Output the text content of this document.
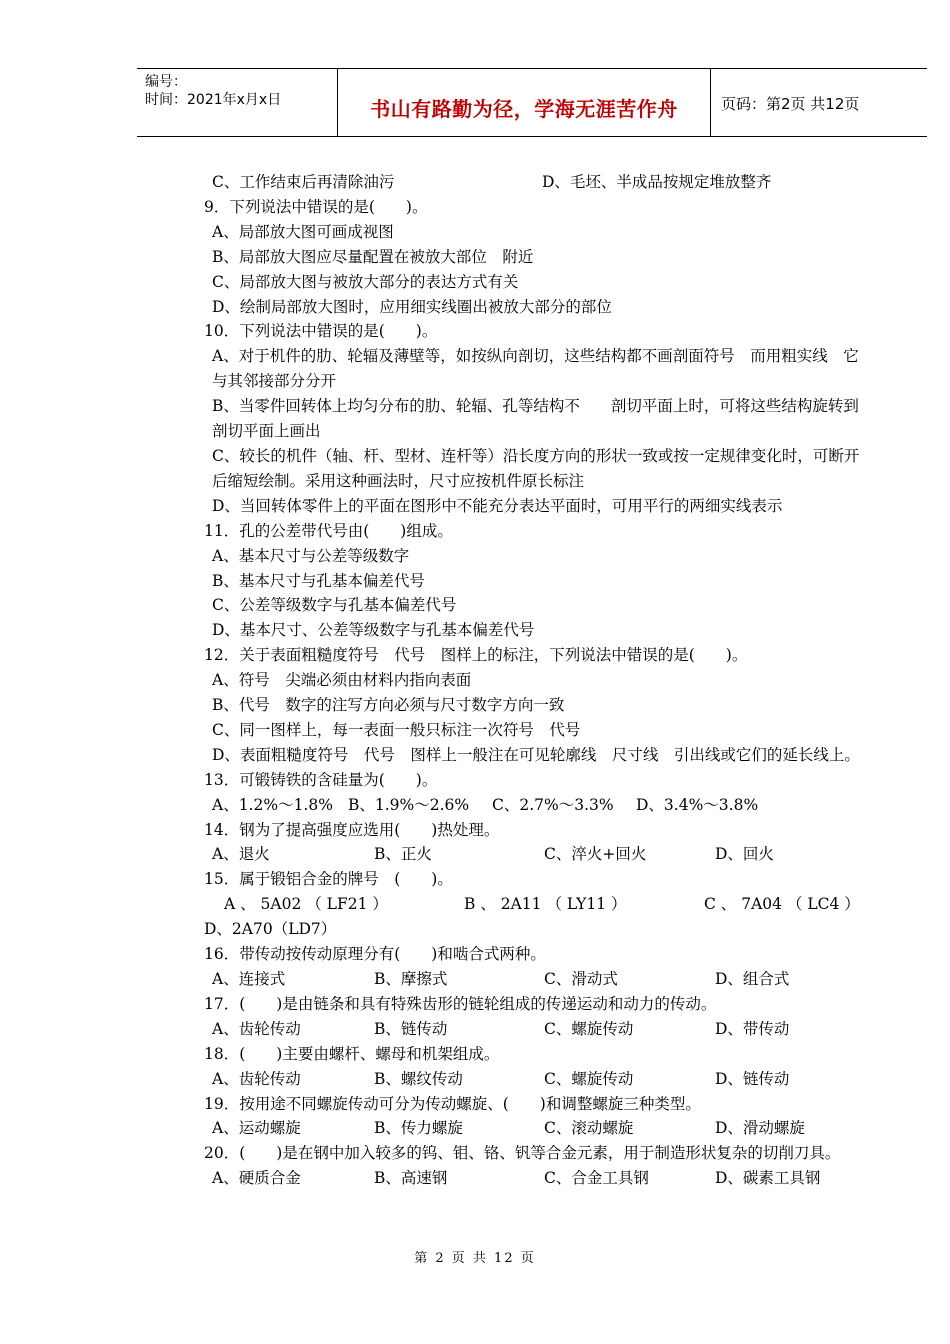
编号：
时间：2021年x月x日	书山有路勤为径，学海无涯苦作舟	页码：第2页 共12页
C、工作结束后再清除油污	D、毛坯、半成品按规定堆放整齐
9．下列说法中错误的是(　　)。
A、局部放大图可画成视图
B、局部放大图应尽量配置在被放大部位　附近
C、局部放大图与被放大部分的表达方式有关
D、绘制局部放大图时，应用细实线圈出被放大部分的部位
10．下列说法中错误的是(　　)。
A、对于机件的肋、轮辐及薄壁等，如按纵向剖切，这些结构都不画剖面符号　而用粗实线　它与其邻接部分分开
B、当零件回转体上均匀分布的肋、轮辐、孔等结构不　　剖切平面上时，可将这些结构旋转到剖切平面上画出
C、较长的机件（轴、杆、型材、连杆等）沿长度方向的形状一致或按一定规律变化时，可断开后缩短绘制。采用这种画法时，尺寸应按机件原长标注
D、当回转体零件上的平面在图形中不能充分表达平面时，可用平行的两细实线表示
11．孔的公差带代号由(　　)组成。
A、基本尺寸与公差等级数字
B、基本尺寸与孔基本偏差代号
C、公差等级数字与孔基本偏差代号
D、基本尺寸、公差等级数字与孔基本偏差代号
12．关于表面粗糙度符号　代号　图样上的标注，下列说法中错误的是(　　)。
A、符号　尖端必须由材料内指向表面
B、代号　数字的注写方向必须与尺寸数字方向一致
C、同一图样上，每一表面一般只标注一次符号　代号
D、表面粗糙度符号　代号　图样上一般注在可见轮廓线　尺寸线　引出线或它们的延长线上。
13．可锻铸铁的含硅量为(　　)。
A、1.2%～1.8% B、1.9%～2.6%	C、2.7%～3.3%	D、3.4%～3.8%
14．钢为了提高强度应选用(　　)热处理。
A、退火	B、正火	C、淬火+回火	D、回火
15．属于锻铝合金的牌号　(　　)。
A 、 5A02 （ LF21 ）	B 、 2A11 （ LY11 ）	C 、 7A04 （ LC4 ）
D、2A70（LD7）
16．带传动按传动原理分有(　　)和啮合式两种。
A、连接式	B、摩擦式	C、滑动式	D、组合式
17．(　　)是由链条和具有特殊齿形的链轮组成的传递运动和动力的传动。
A、齿轮传动	B、链传动	C、螺旋传动	D、带传动
18．(　　)主要由螺杆、螺母和机架组成。
A、齿轮传动	B、螺纹传动	C、螺旋传动	D、链传动
19．按用途不同螺旋传动可分为传动螺旋、(　　)和调整螺旋三种类型。
A、运动螺旋	B、传力螺旋	C、滚动螺旋	D、滑动螺旋
20．(　　)是在钢中加入较多的钨、钼、铬、钒等合金元素，用于制造形状复杂的切削刀具。
A、硬质合金	B、高速钢	C、合金工具钢	D、碳素工具钢
第 2 页 共 12 页
